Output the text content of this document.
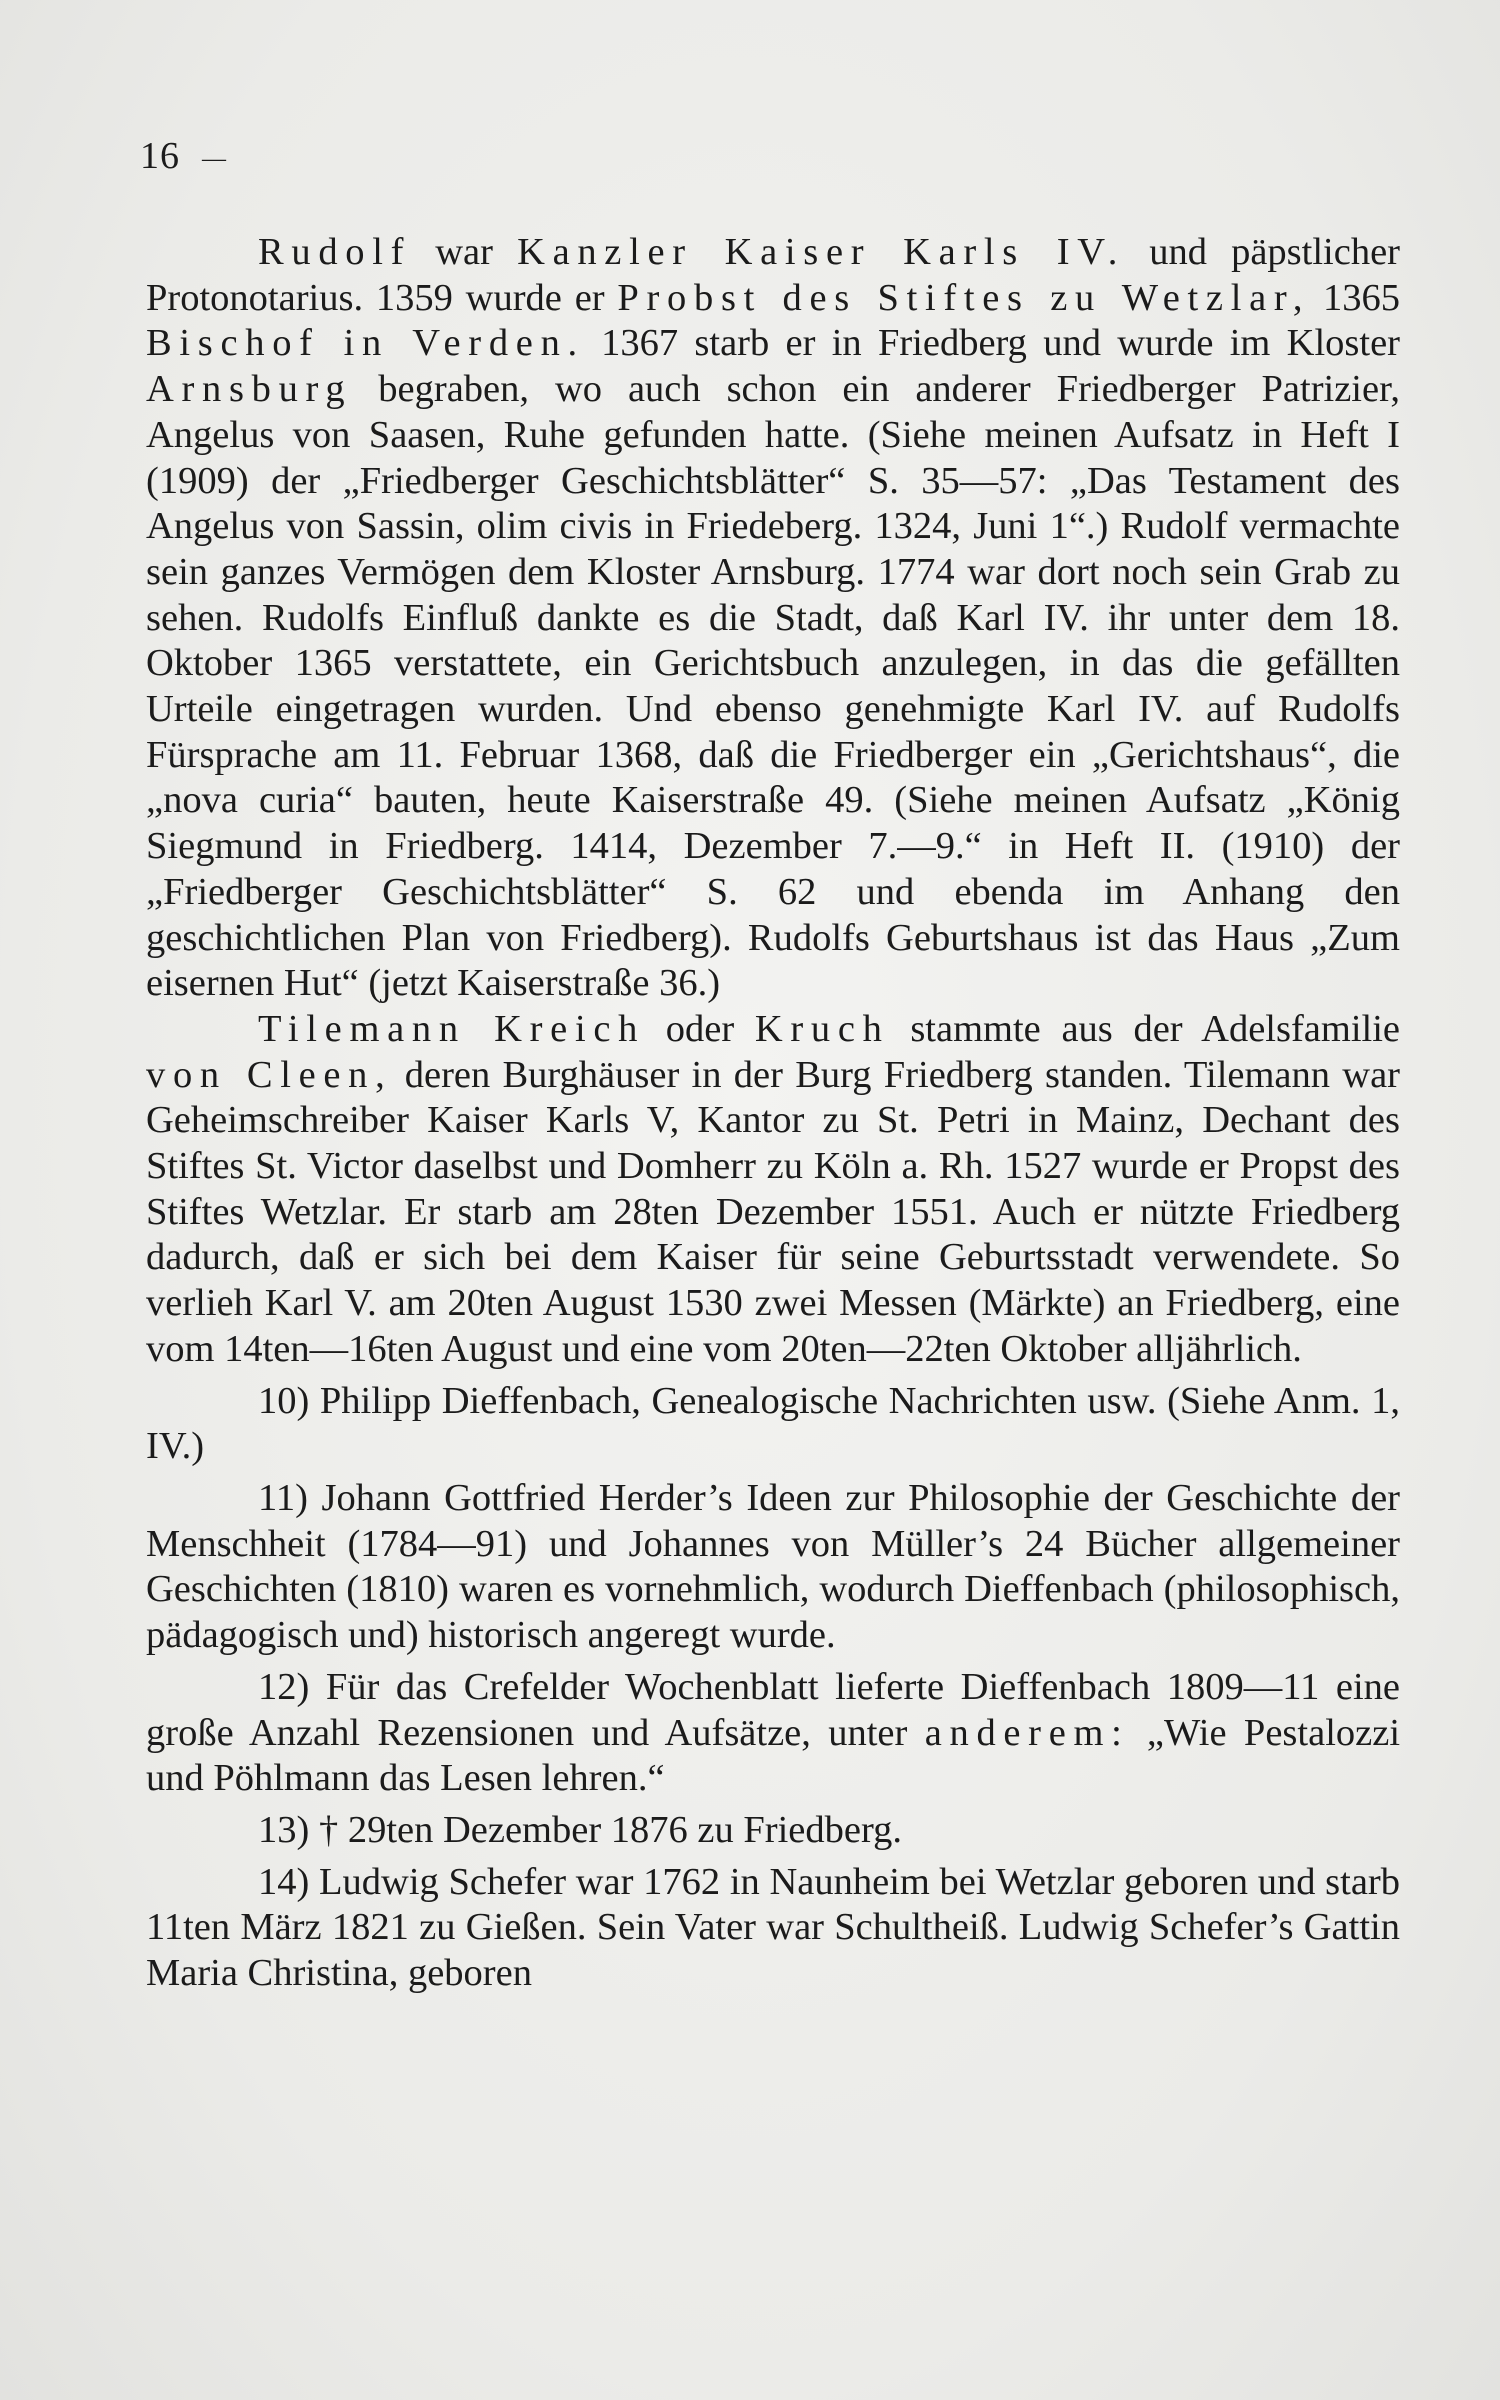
16 —

Rudolf war Kanzler Kaiser Karls IV. und päpstlicher Protonotarius. 1359 wurde er Probst des Stiftes zu Wetzlar, 1365 Bischof in Verden. 1367 starb er in Friedberg und wurde im Kloster Arnsburg begraben, wo auch schon ein anderer Friedberger Patrizier, Angelus von Saasen, Ruhe gefunden hatte. (Siehe meinen Aufsatz in Heft I (1909) der „Friedberger Geschichtsblätter“ S. 35—57: „Das Testament des Angelus von Sassin, olim civis in Friedeberg. 1324, Juni 1“.) Rudolf vermachte sein ganzes Vermögen dem Kloster Arnsburg. 1774 war dort noch sein Grab zu sehen. Rudolfs Einfluß dankte es die Stadt, daß Karl IV. ihr unter dem 18. Oktober 1365 verstattete, ein Gerichtsbuch anzulegen, in das die gefällten Urteile eingetragen wurden. Und ebenso genehmigte Karl IV. auf Rudolfs Fürsprache am 11. Februar 1368, daß die Friedberger ein „Gerichtshaus“, die „nova curia“ bauten, heute Kaiserstraße 49. (Siehe meinen Aufsatz „König Siegmund in Friedberg. 1414, Dezember 7.—9.“ in Heft II. (1910) der „Friedberger Geschichtsblätter“ S. 62 und ebenda im Anhang den geschichtlichen Plan von Friedberg). Rudolfs Geburtshaus ist das Haus „Zum eisernen Hut“ (jetzt Kaiserstraße 36.)

Tilemann Kreich oder Kruch stammte aus der Adelsfamilie von Cleen, deren Burghäuser in der Burg Friedberg standen. Tilemann war Geheimschreiber Kaiser Karls V, Kantor zu St. Petri in Mainz, Dechant des Stiftes St. Victor daselbst und Domherr zu Köln a. Rh. 1527 wurde er Propst des Stiftes Wetzlar. Er starb am 28ten Dezember 1551. Auch er nützte Friedberg dadurch, daß er sich bei dem Kaiser für seine Geburtsstadt verwendete. So verlieh Karl V. am 20ten August 1530 zwei Messen (Märkte) an Friedberg, eine vom 14ten—16ten August und eine vom 20ten—22ten Oktober alljährlich.

10) Philipp Dieffenbach, Genealogische Nachrichten usw. (Siehe Anm. 1, IV.)

11) Johann Gottfried Herder’s Ideen zur Philosophie der Geschichte der Menschheit (1784—91) und Johannes von Müller’s 24 Bücher allgemeiner Geschichten (1810) waren es vornehmlich, wodurch Dieffenbach (philosophisch, pädagogisch und) historisch angeregt wurde.

12) Für das Crefelder Wochenblatt lieferte Dieffenbach 1809—11 eine große Anzahl Rezensionen und Aufsätze, unter anderem: „Wie Pestalozzi und Pöhlmann das Lesen lehren.“

13) † 29ten Dezember 1876 zu Friedberg.

14) Ludwig Schefer war 1762 in Naunheim bei Wetzlar geboren und starb 11ten März 1821 zu Gießen. Sein Vater war Schultheiß. Ludwig Schefer’s Gattin Maria Christina, geboren
